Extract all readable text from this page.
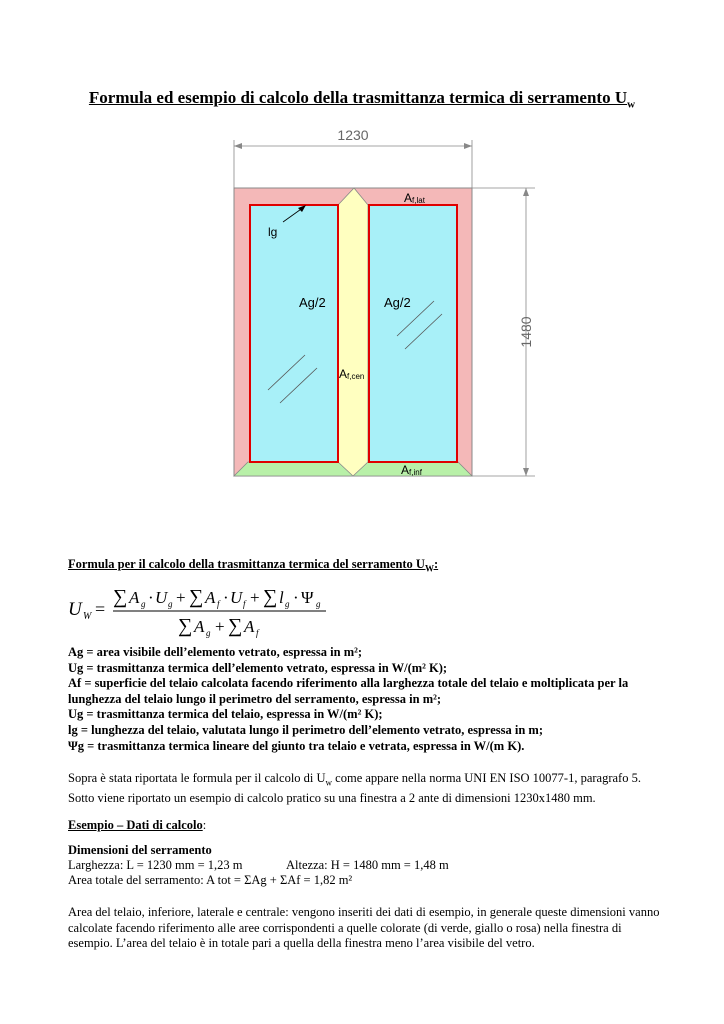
Formula ed esempio di calcolo della trasmittanza termica di serramento $U_w$
1230
1480
Af,lat
lg
Ag/2	Ag/2
Af,cen
Af,inf
Formula per il calcolo della trasmittanza termica del serramento $U_W$:
U W =
∑ A g · U g + ∑ A f · U f + ∑ l g · Ψ g
∑ A g + ∑ A f
Ag = area visibile dell’elemento vetrato, espressa in m²;
Ug = trasmittanza termica dell’elemento vetrato, espressa in W/(m² K);
Af = superficie del telaio calcolata facendo riferimento alla larghezza totale del telaio e moltiplicata per la lunghezza del telaio lungo il perimetro del serramento, espressa in m²;
Ug = trasmittanza termica del telaio, espressa in W/(m² K);
lg = lunghezza del telaio, valutata lungo il perimetro dell’elemento vetrato, espressa in m;
Ψg = trasmittanza termica lineare del giunto tra telaio e vetrata, espressa in W/(m K).
Sopra è stata riportata le formula per il calcolo di $U_w$ come appare nella norma UNI EN ISO 10077-1, paragrafo 5. Sotto viene riportato un esempio di calcolo pratico su una finestra a 2 ante di dimensioni 1230x1480 mm.
Esempio – Dati di calcolo:
Dimensioni del serramento
Larghezza: L = 1230 mm = 1,23 m	Altezza: H = 1480 mm = 1,48 m
Area totale del serramento: A tot = ΣAg + ΣAf = 1,82 m²
Area del telaio, inferiore, laterale e centrale: vengono inseriti dei dati di esempio, in generale queste dimensioni vanno calcolate facendo riferimento alle aree corrispondenti a quelle colorate (di verde, giallo o rosa) nella finestra di esempio. L’area del telaio è in totale pari a quella della finestra meno l’area visibile del vetro.
